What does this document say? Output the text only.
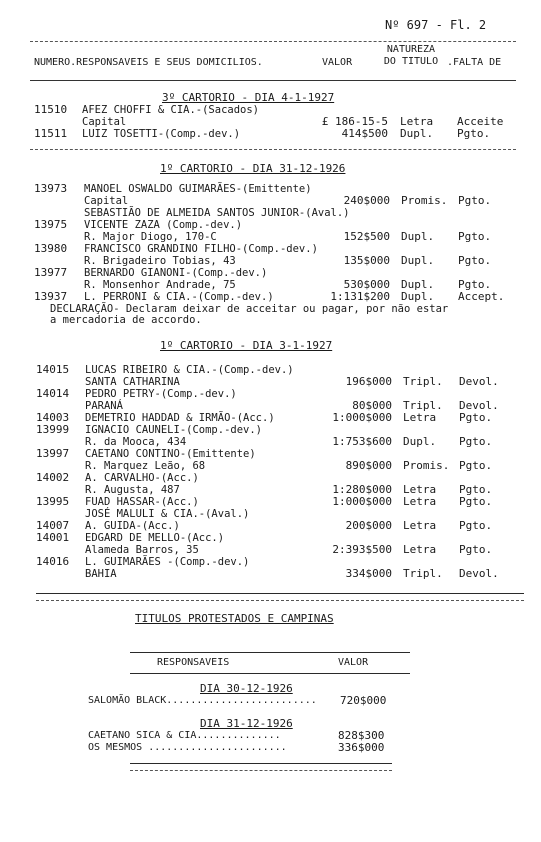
Nº 697 - Fl. 2
NUMERO.RESPONSAVEIS E SEUS DOMICILIOS.	VALOR
NATUREZA DO TITULO .FALTA DE
3º CARTORIO - DIA 4-1-1927
11510 AFEZ CHOFFI & CIA.-(Sacados)
Capital	£ 186-15-5 Letra Acceite
11511 LUIZ TOSETTI-(Comp.-dev.)	414$500 Dupl. Pgto.
1º CARTORIO - DIA 31-12-1926
13973 MANOEL OSWALDO GUIMARÃES-(Emittente)
Capital	240$000 Promis. Pgto.
SEBASTIÃO DE ALMEIDA SANTOS JUNIOR-(Aval.)
13975 VICENTE ZAZA (Comp.-dev.)
R. Major Diogo, 170-C	152$500 Dupl. Pgto.
13980 FRANCISCO GRANDINO FILHO-(Comp.-dev.)
R. Brigadeiro Tobias, 43	135$000 Dupl. Pgto.
13977 BERNARDO GIANONI-(Comp.-dev.)
R. Monsenhor Andrade, 75	530$000 Dupl. Pgto.
13937 L. PERRONI & CIA.-(Comp.-dev.)	1:131$200 Dupl. Accept.
DECLARAÇÃO- Declaram deixar de acceitar ou pagar, por não estar
a mercadoria de accordo.
1º CARTORIO - DIA 3-1-1927
14015 LUCAS RIBEIRO & CIA.-(Comp.-dev.)
SANTA CATHARINA	196$000 Tripl. Devol.
14014 PEDRO PETRY-(Comp.-dev.)
PARANÁ	80$000 Tripl. Devol.
14003 DEMETRIO HADDAD & IRMÃO-(Acc.)	1:000$000 Letra Pgto.
13999 IGNACIO CAUNELI-(Comp.-dev.)
R. da Mooca, 434	1:753$600 Dupl. Pgto.
13997 CAETANO CONTINO-(Emittente)
R. Marquez Leão, 68	890$000 Promis. Pgto.
14002 A. CARVALHO-(Acc.)
R. Augusta, 487	1:280$000 Letra Pgto.
13995 FUAD HASSAR-(Acc.)	1:000$000 Letra Pgto.
JOSÉ MALULI & CIA.-(Aval.)
14007 A. GUIDA-(Acc.)	200$000 Letra Pgto.
14001 EDGARD DE MELLO-(Acc.)
Alameda Barros, 35	2:393$500 Letra Pgto.
14016 L. GUIMARÃES -(Comp.-dev.)
BAHIA	334$000 Tripl. Devol.
TITULOS PROTESTADOS E CAMPINAS
RESPONSAVEIS	VALOR
DIA 30-12-1926
SALOMÃO BLACK......................... 720$000
DIA 31-12-1926
CAETANO SICA & CIA..............	828$300
OS MESMOS .......................	336$000
